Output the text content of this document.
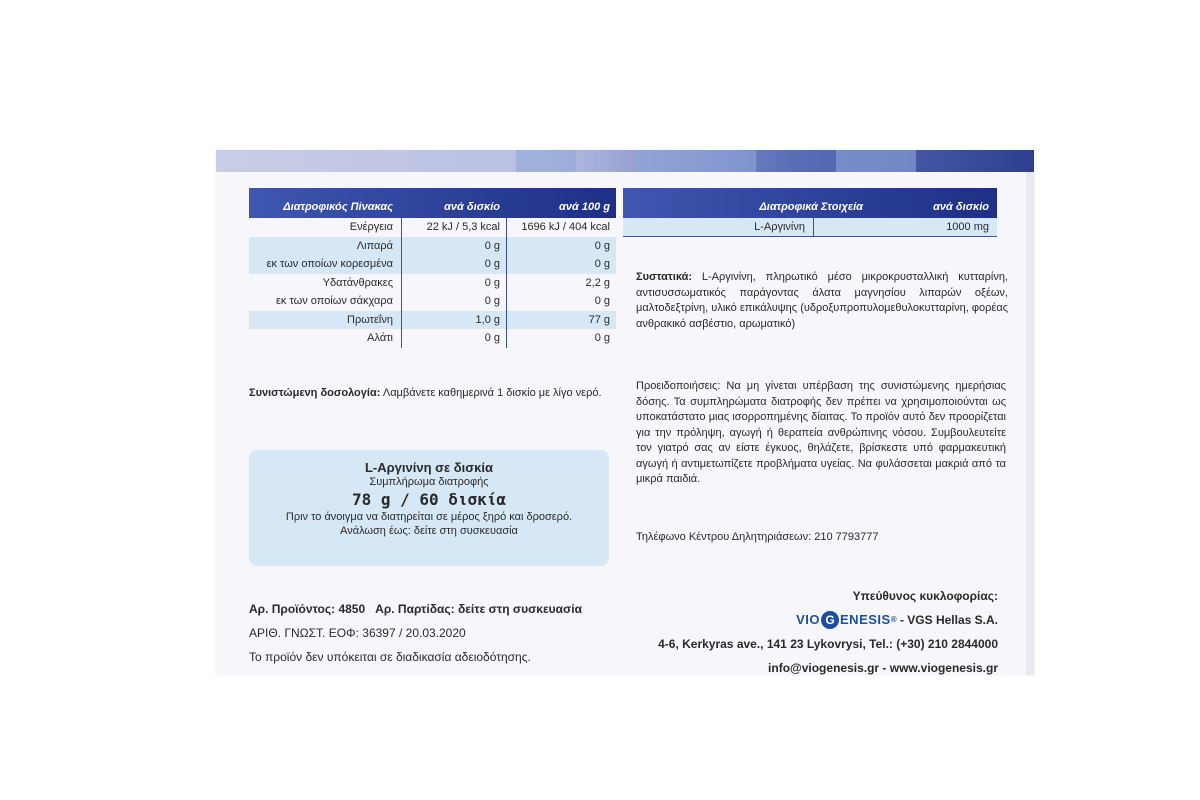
Διατροφικός Πίνακας	ανά δισκίο	ανά 100 g
Ενέργεια	22 kJ / 5,3 kcal	1696 kJ / 404 kcal
Λιπαρά	0 g	0 g
εκ των οποίων κορεσμένα	0 g	0 g
Υδατάνθρακες	0 g	2,2 g
εκ των οποίων σάκχαρα	0 g	0 g
Πρωτεΐνη	1,0 g	77 g
Αλάτι	0 g	0 g
Διατροφικά Στοιχεία	ανά δισκίο
L-Αργινίνη	1000 mg
Συνιστώμενη δοσολογία: Λαμβάνετε καθημερινά 1 δισκίο με λίγο νερό.
Συστατικά: L-Αργινίνη, πληρωτικό μέσο μικροκρυσταλλική κυτταρίνη, αντισυσσωματικός παράγοντας άλατα μαγνησίου λιπαρών οξέων, μαλτοδεξτρίνη, υλικό επικάλυψης (υδροξυπροπυλομεθυλοκυτταρίνη, φορέας ανθρακικό ασβέστιο, αρωματικό)
Προειδοποιήσεις: Να μη γίνεται υπέρβαση της συνιστώμενης ημερήσιας δόσης. Τα συμπληρώματα διατροφής δεν πρέπει να χρησιμοποιούνται ως υποκατάστατο μιας ισορροπημένης δίαιτας. Το προϊόν αυτό δεν προορίζεται για την πρόληψη, αγωγή ή θεραπεία ανθρώπινης νόσου. Συμβουλευτείτε τον γιατρό σας αν είστε έγκυος, θηλάζετε, βρίσκεστε υπό φαρμακευτική αγωγή ή αντιμετωπίζετε προβλήματα υγείας. Να φυλάσσεται μακριά από τα μικρά παιδιά.
Τηλέφωνο Κέντρου Δηλητηριάσεων: 210 7793777
L-Αργινίνη σε δισκία
Συμπλήρωμα διατροφής
78 g / 60 δισκία
Πριν το άνοιγμα να διατηρείται σε μέρος ξηρό και δροσερό.
Ανάλωση έως: δείτε στη συσκευασία
Αρ. Προϊόντος: 4850 Αρ. Παρτίδας: δείτε στη συσκευασία
ΑΡΙΘ. ΓΝΩΣΤ. ΕΟΦ: 36397 / 20.03.2020
Το προϊόν δεν υπόκειται σε διαδικασία αδειοδότησης.
Υπεύθυνος κυκλοφορίας:
VIO G ENESIS ® - VGS Hellas S.A.
4-6, Kerkyras ave., 141 23 Lykovrysi, Tel.: (+30) 210 2844000
info@viogenesis.gr - www.viogenesis.gr
